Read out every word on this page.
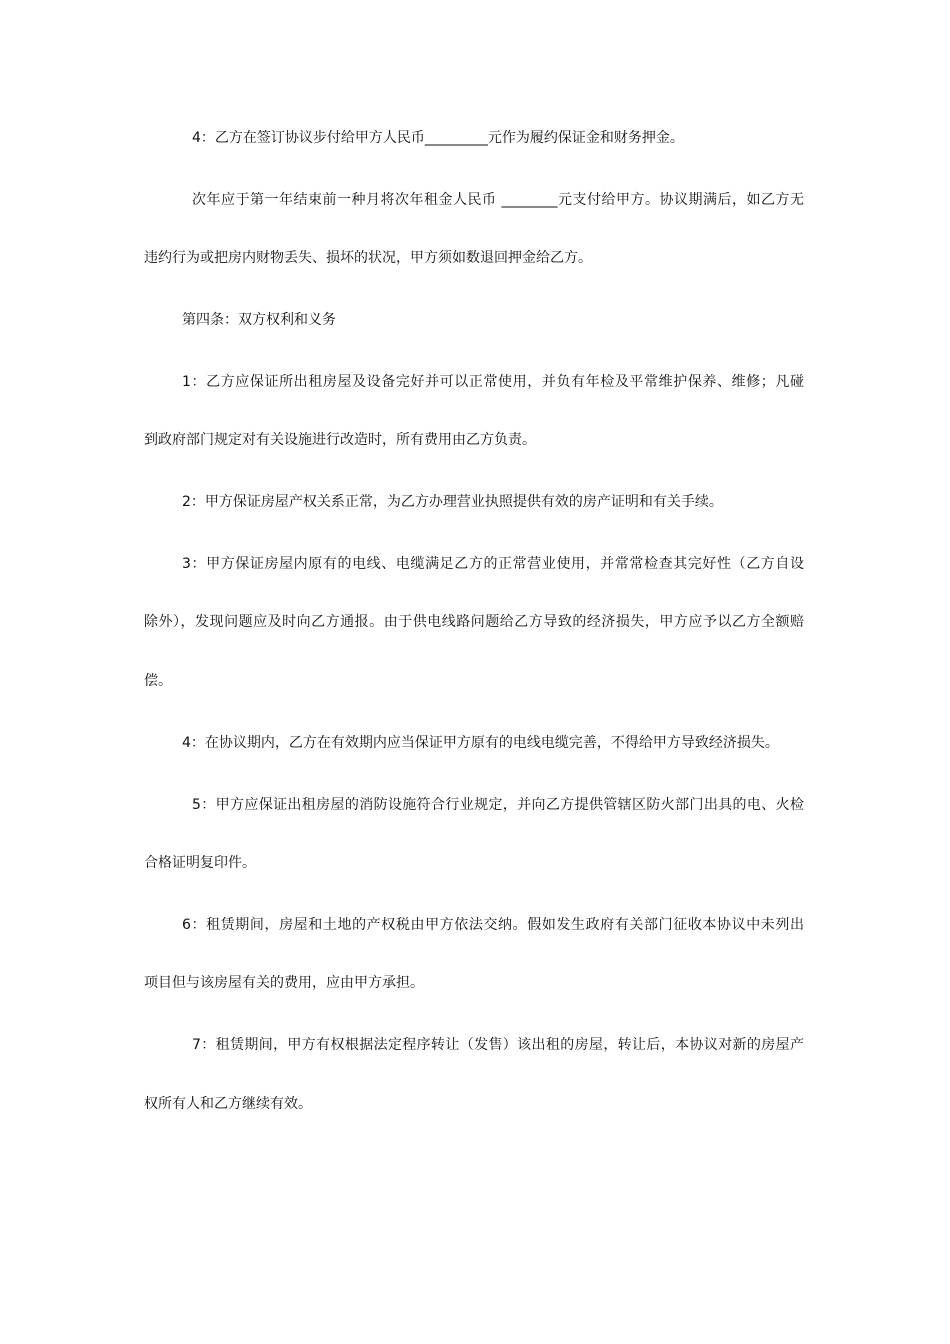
4：乙方在签订协议步付给甲方人民币_________元作为履约保证金和财务押金。
次年应于第一年结束前一种月将次年租金人民币 ________元支付给甲方。协议期满后，如乙方无
违约行为或把房内财物丢失、损坏的状况，甲方须如数退回押金给乙方。
第四条：双方权利和义务
1：乙方应保证所出租房屋及设备完好并可以正常使用，并负有年检及平常维护保养、维修；凡碰
到政府部门规定对有关设施进行改造时，所有费用由乙方负责。
2：甲方保证房屋产权关系正常，为乙方办理营业执照提供有效的房产证明和有关手续。
3：甲方保证房屋内原有的电线、电缆满足乙方的正常营业使用，并常常检查其完好性（乙方自设
除外），发现问题应及时向乙方通报。由于供电线路问题给乙方导致的经济损失，甲方应予以乙方全额赔
偿。
4：在协议期内，乙方在有效期内应当保证甲方原有的电线电缆完善，不得给甲方导致经济损失。
5：甲方应保证出租房屋的消防设施符合行业规定，并向乙方提供管辖区防火部门出具的电、火检
合格证明复印件。
6：租赁期间，房屋和土地的产权税由甲方依法交纳。假如发生政府有关部门征收本协议中未列出
项目但与该房屋有关的费用，应由甲方承担。
7：租赁期间，甲方有权根据法定程序转让（发售）该出租的房屋，转让后，本协议对新的房屋产
权所有人和乙方继续有效。
